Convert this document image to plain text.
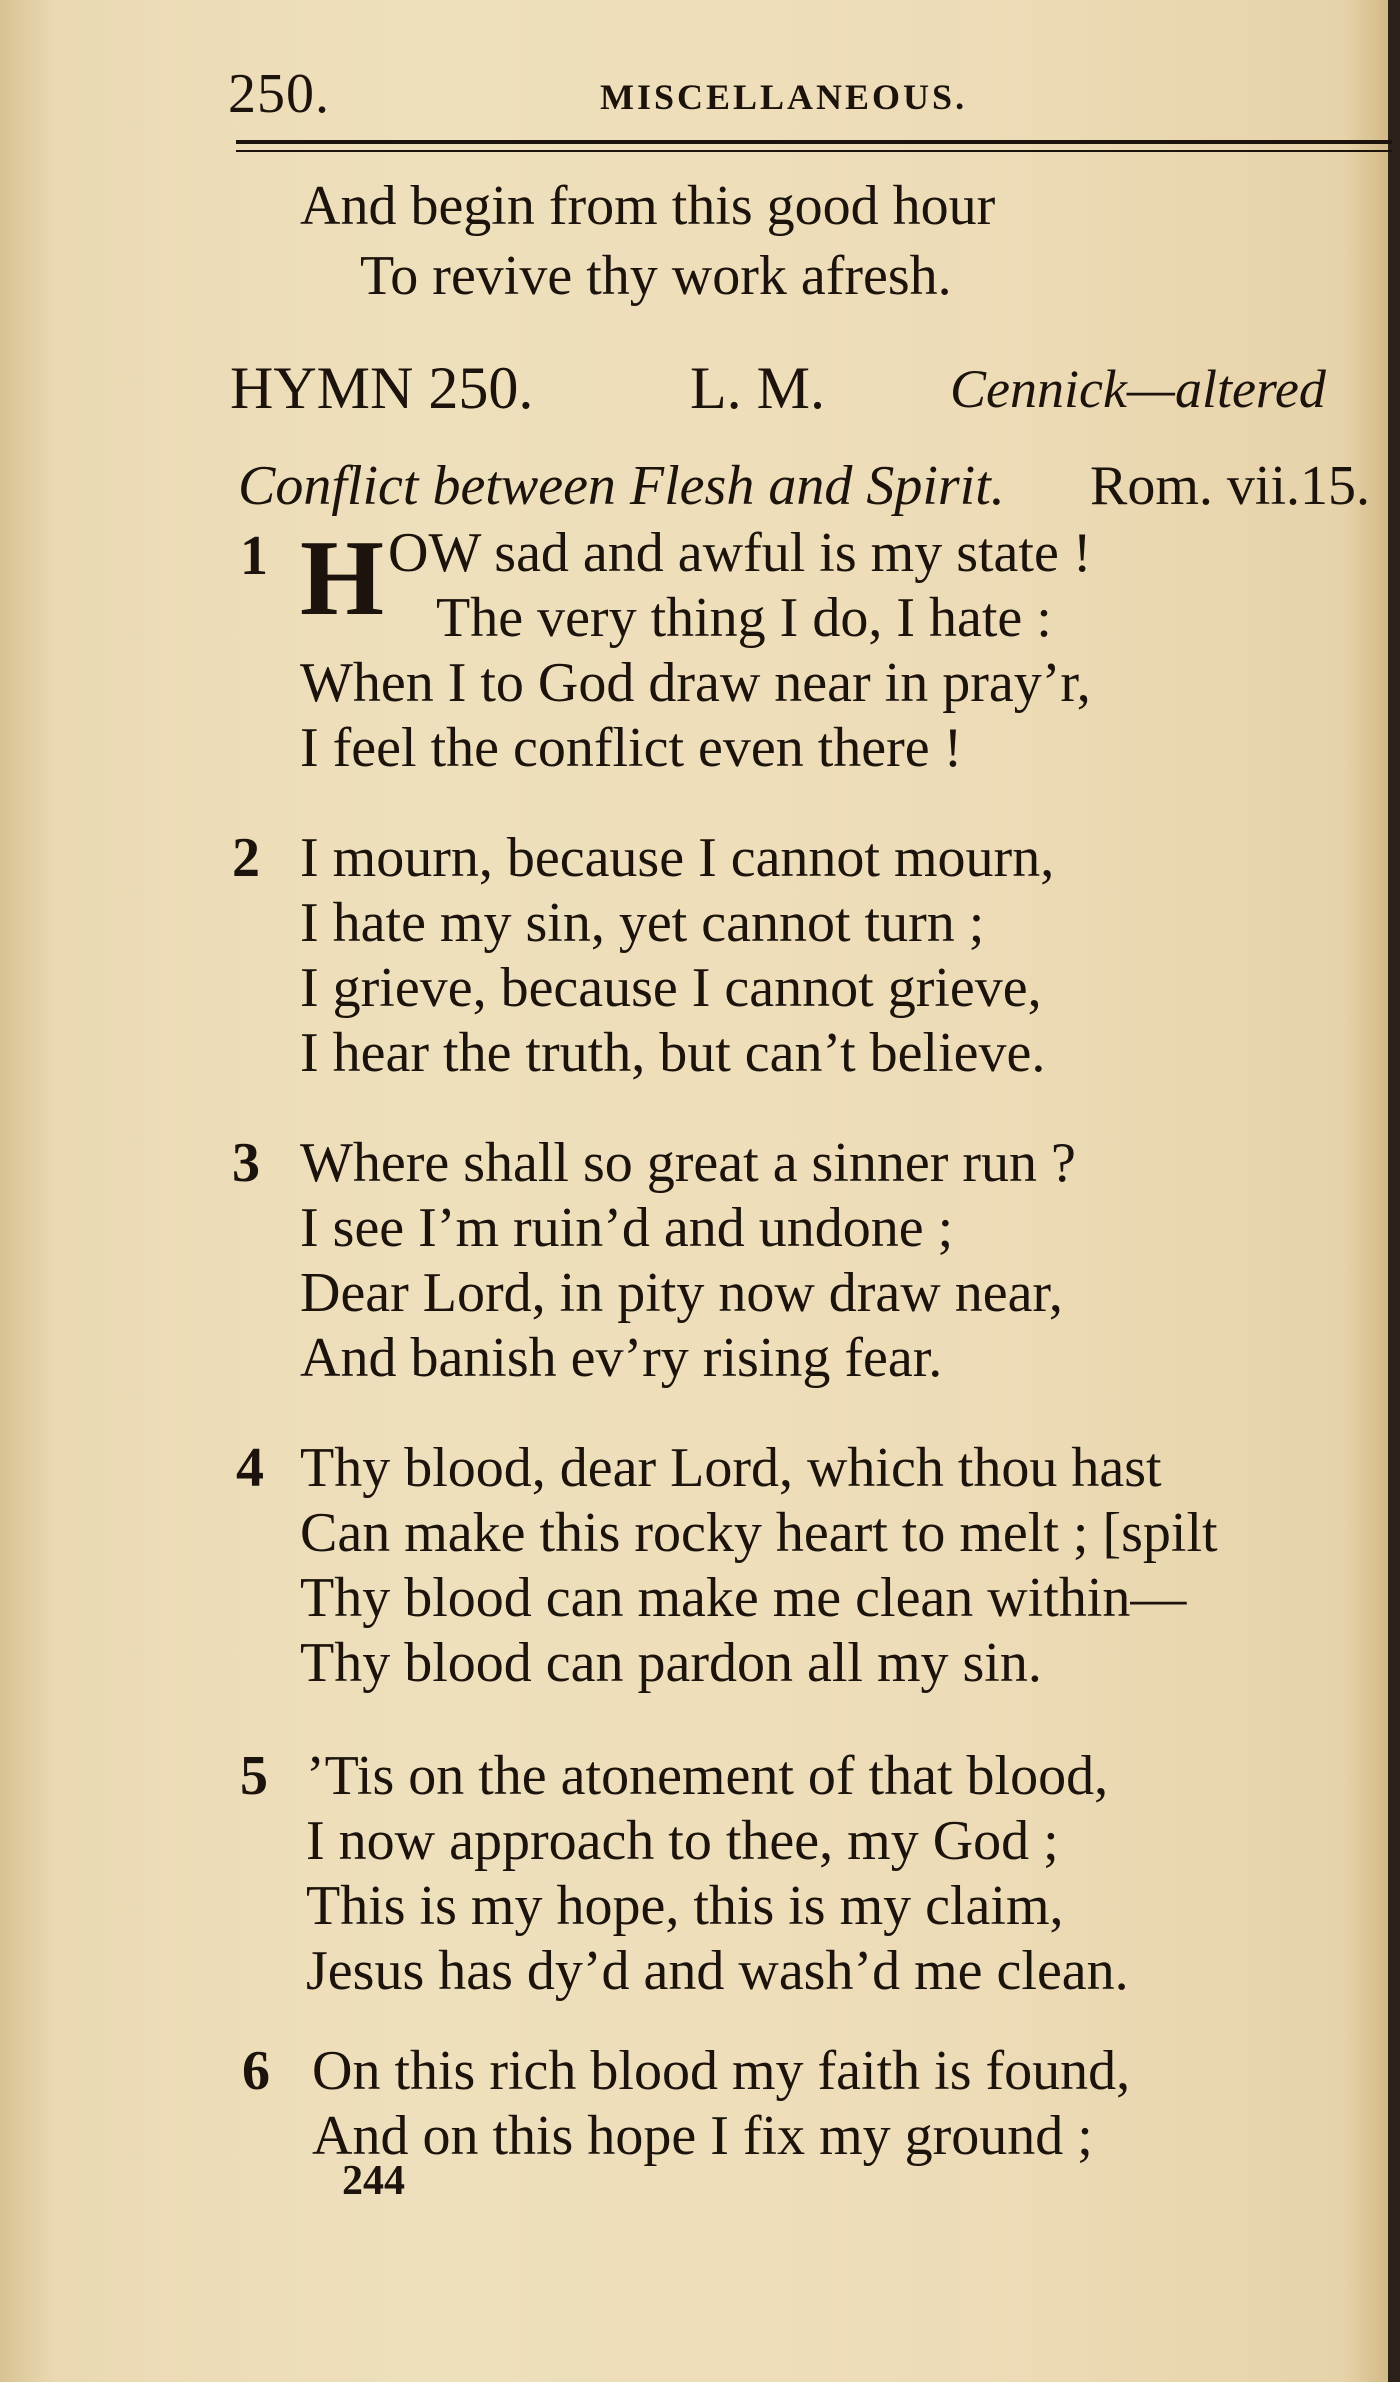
250.	MISCELLANEOUS.
And begin from this good hour
To revive thy work afresh.
HYMN 250.	L. M. Cennick—altered
Conflict between Flesh and Spirit. Rom. vii.15.
1 H OW sad and awful is my state !
The very thing I do, I hate :
When I to God draw near in pray’r,
I feel the conflict even there !
2 I mourn, because I cannot mourn,
I hate my sin, yet cannot turn ;
I grieve, because I cannot grieve,
I hear the truth, but can’t believe.
3 Where shall so great a sinner run ?
I see I’m ruin’d and undone ;
Dear Lord, in pity now draw near,
And banish ev’ry rising fear.
4 Thy blood, dear Lord, which thou hast
Can make this rocky heart to melt ; [spilt
Thy blood can make me clean within—
Thy blood can pardon all my sin.
5 ’Tis on the atonement of that blood,
I now approach to thee, my God ;
This is my hope, this is my claim,
Jesus has dy’d and wash’d me clean.
6 On this rich blood my faith is found,
And on this hope I fix my ground ;
244
